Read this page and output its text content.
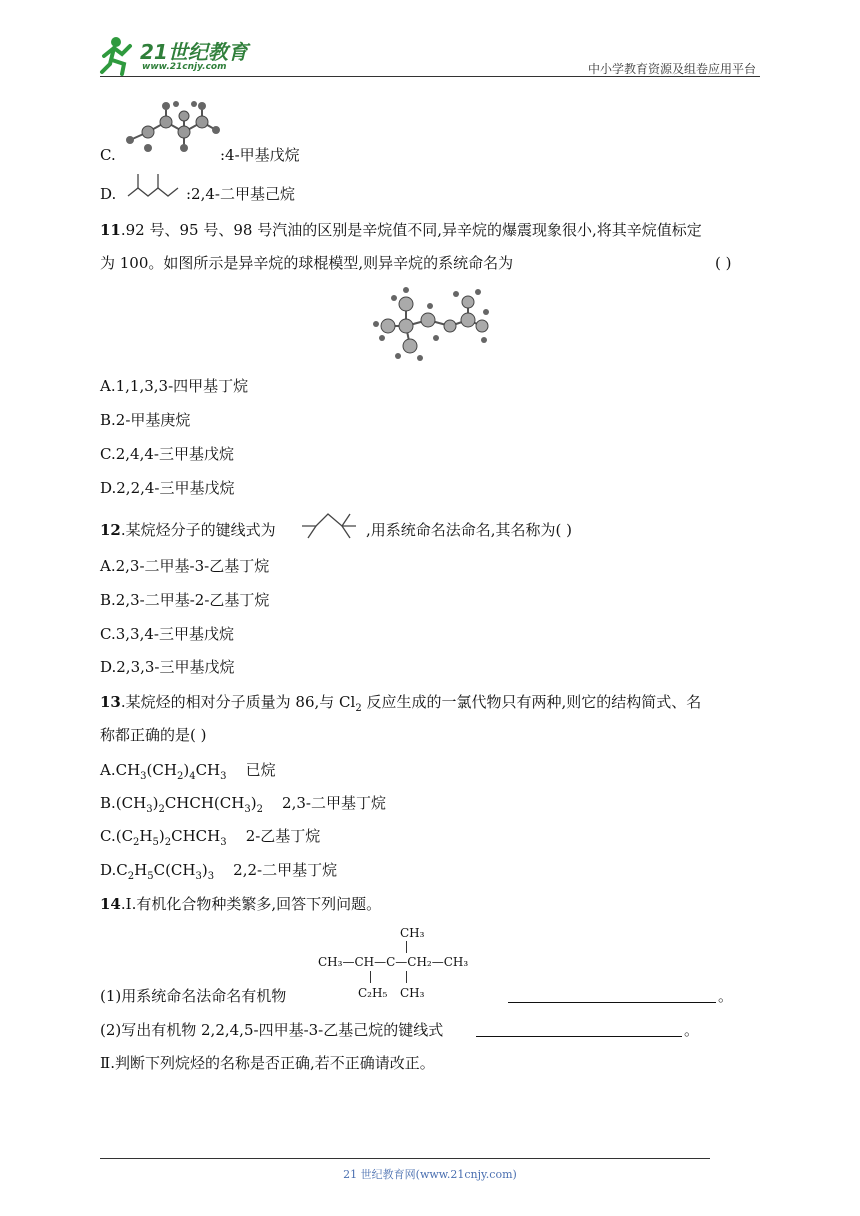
21世纪教育
www.21cnjy.com	中小学教育资源及组卷应用平台
C.	:4-甲基戊烷
D.	:2,4-二甲基己烷
11.92 号、95 号、98 号汽油的区别是辛烷值不同,异辛烷的爆震现象很小,将其辛烷值标定
为 100。如图所示是异辛烷的球棍模型,则异辛烷的系统命名为	( )
A.1,1,3,3-四甲基丁烷
B.2-甲基庚烷
C.2,4,4-三甲基戊烷
D.2,2,4-三甲基戊烷
12.某烷烃分子的键线式为	,用系统命名法命名,其名称为( )
A.2,3-二甲基-3-乙基丁烷
B.2,3-二甲基-2-乙基丁烷
C.3,3,4-三甲基戊烷
D.2,3,3-三甲基戊烷
13.某烷烃的相对分子质量为 86,与 $Cl_2$ 反应生成的一氯代物只有两种,则它的结构简式、名
称都正确的是( )
$A.CH_3(CH_2)_4CH_3$    已烷
$B.(CH_3)_2CHCH(CH_3)_2$    2,3-二甲基丁烷
$C.(C_2H_5)_2CHCH_3$    2-乙基丁烷
$D.C_2H_5C(CH_3)_3$    2,2-二甲基丁烷
14.Ⅰ.有机化合物种类繁多,回答下列问题。
CH₃
CH₃—CH—C—CH₂—CH₃
C₂H₅ CH₃
(1)用系统命名法命名有机物	。
(2)写出有机物 2,2,4,5-四甲基-3-乙基己烷的键线式	。
Ⅱ.判断下列烷烃的名称是否正确,若不正确请改正。
21 世纪教育网(www.21cnjy.com)
